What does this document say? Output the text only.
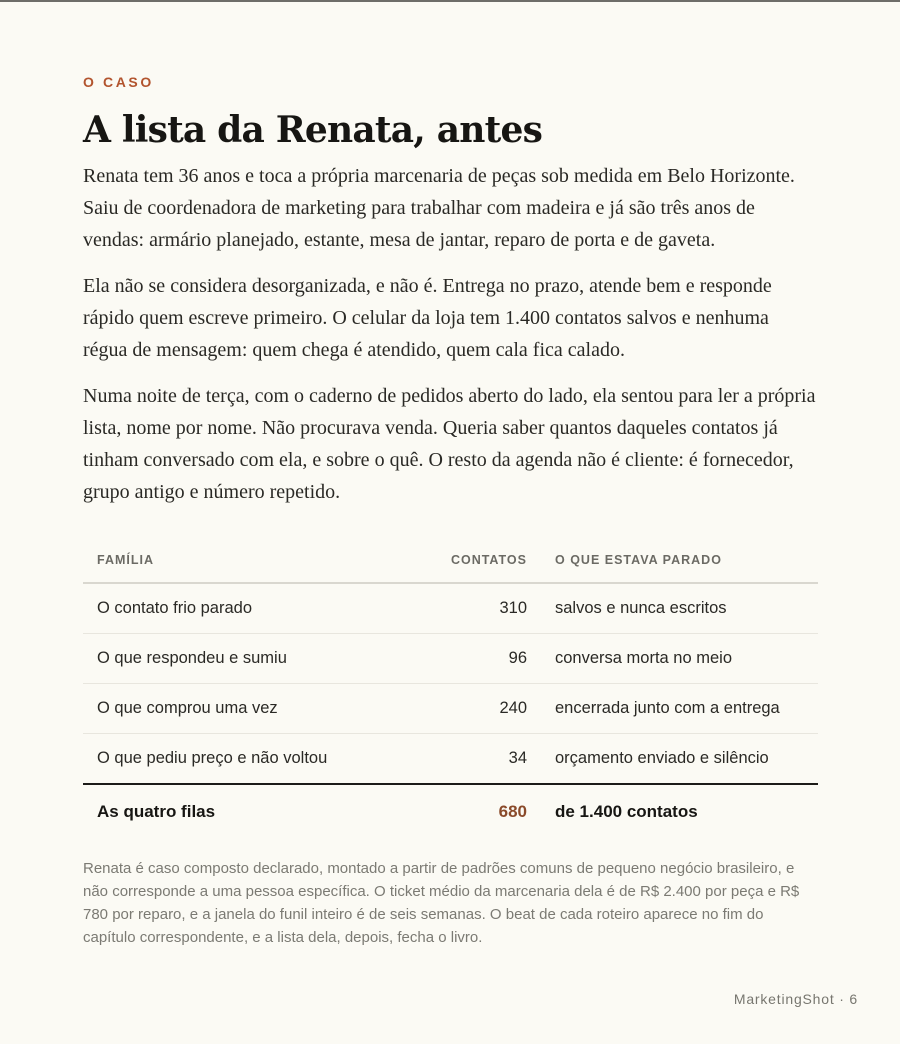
O CASO

A lista da Renata, antes

Renata tem 36 anos e toca a própria marcenaria de peças sob medida em Belo Horizonte. Saiu de coordenadora de marketing para trabalhar com madeira e já são três anos de vendas: armário planejado, estante, mesa de jantar, reparo de porta e de gaveta.

Ela não se considera desorganizada, e não é. Entrega no prazo, atende bem e responde rápido quem escreve primeiro. O celular da loja tem 1.400 contatos salvos e nenhuma régua de mensagem: quem chega é atendido, quem cala fica calado.

Numa noite de terça, com o caderno de pedidos aberto do lado, ela sentou para ler a própria lista, nome por nome. Não procurava venda. Queria saber quantos daqueles contatos já tinham conversado com ela, e sobre o quê. O resto da agenda não é cliente: é fornecedor, grupo antigo e número repetido.

FAMÍLIA	CONTATOS	O QUE ESTAVA PARADO
O contato frio parado	310	salvos e nunca escritos
O que respondeu e sumiu	96	conversa morta no meio
O que comprou uma vez	240	encerrada junto com a entrega
O que pediu preço e não voltou	34	orçamento enviado e silêncio
As quatro filas	680	de 1.400 contatos

Renata é caso composto declarado, montado a partir de padrões comuns de pequeno negócio brasileiro, e não corresponde a uma pessoa específica. O ticket médio da marcenaria dela é de R$ 2.400 por peça e R$ 780 por reparo, e a janela do funil inteiro é de seis semanas. O beat de cada roteiro aparece no fim do capítulo correspondente, e a lista dela, depois, fecha o livro.

MarketingShot · 6
